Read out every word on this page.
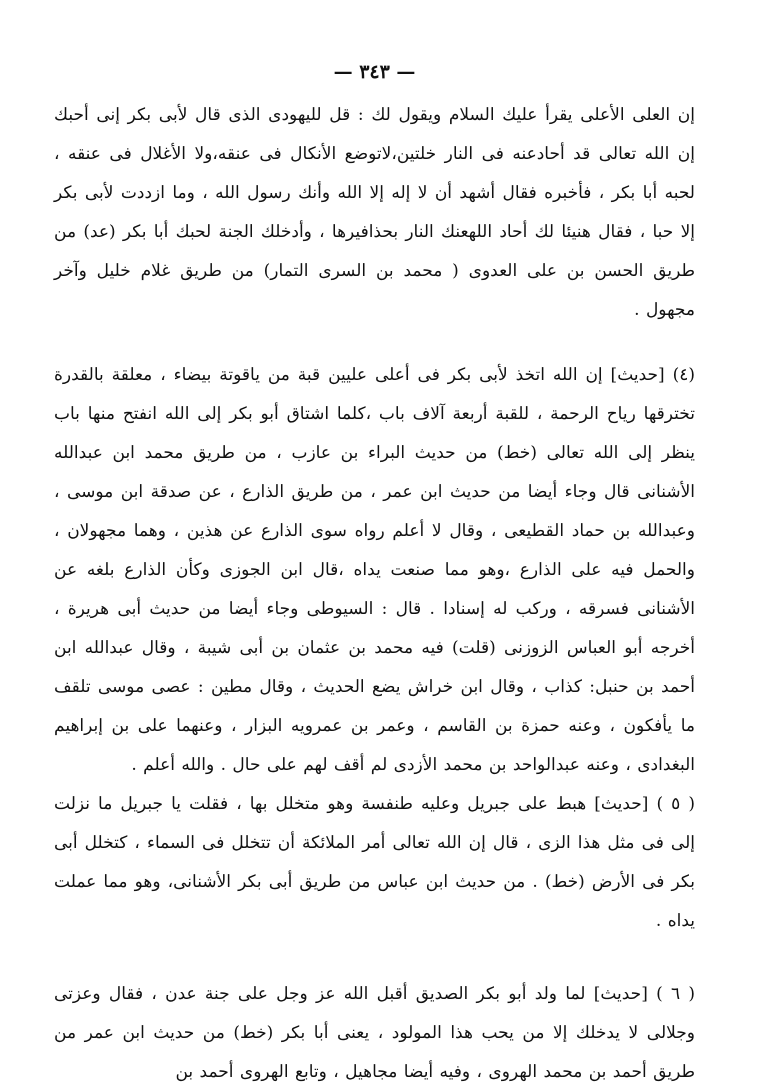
— ٣٤٣ —

إن العلى الأعلى يقرأ عليك السلام ويقول لك : قل لليهودى الذى قال لأبى بكر إنى أحبك إن الله تعالى قد أحادعنه فى النار خلتين،لاتوضع الأنكال فى عنقه،ولا الأغلال فى عنقه ، لحبه أبا بكر ، فأخبره فقال أشهد أن لا إله إلا الله وأنك رسول الله ، وما ازددت لأبى بكر إلا حبا ، فقال هنيئا لك أحاد اللهعنك النار بحذافيرها ، وأدخلك الجنة لحبك أبا بكر (عد) من طريق الحسن بن على العدوى ( محمد بن السرى التمار) من طريق غلام خليل وآخر مجهول .

(٤) [حديث] إن الله اتخذ لأبى بكر فى أعلى عليين قبة من ياقوتة بيضاء ، معلقة بالقدرة تخترقها رياح الرحمة ، للقبة أربعة آلاف باب ،كلما اشتاق أبو بكر إلى الله انفتح منها باب ينظر إلى الله تعالى (خط) من حديث البراء بن عازب ، من طريق محمد ابن عبدالله الأشنانى قال وجاء أيضا من حديث ابن عمر ، من طريق الذارع ، عن صدقة ابن موسى ، وعبدالله بن حماد القطيعى ، وقال لا أعلم رواه سوى الذارع عن هذين ، وهما مجهولان ، والحمل فيه على الذارع ،وهو مما صنعت يداه ،قال ابن الجوزى وكأن الذارع بلغه عن الأشنانى فسرقه ، وركب له إسنادا . قال : السيوطى وجاء أيضا من حديث أبى هريرة ، أخرجه أبو العباس الزوزنى (قلت) فيه محمد بن عثمان بن أبى شيبة ، وقال عبدالله ابن أحمد بن حنبل: كذاب ، وقال ابن خراش يضع الحديث ، وقال مطين : عصى موسى تلقف ما يأفكون ، وعنه حمزة بن القاسم ، وعمر بن عمرويه البزار ، وعنهما على بن إبراهيم البغدادى ، وعنه عبدالواحد بن محمد الأزدى لم أقف لهم على حال . والله أعلم .

( ٥ ) [حديث] هبط على جبريل وعليه طنفسة وهو متخلل بها ، فقلت يا جبريل ما نزلت إلى فى مثل هذا الزى ، قال إن الله تعالى أمر الملائكة أن تتخلل فى السماء ، كتخلل أبى بكر فى الأرض (خط) . من حديث ابن عباس من طريق أبى بكر الأشنانى، وهو مما عملت يداه .

( ٦ ) [حديث] لما ولد أبو بكر الصديق أقبل الله عز وجل على جنة عدن ، فقال وعزتى وجلالى لا يدخلك إلا من يحب هذا المولود ، يعنى أبا بكر (خط) من حديث ابن عمر من طريق أحمد بن محمد الهروى ، وفيه أيضا مجاهيل ، وتابع الهروى أحمد بن
